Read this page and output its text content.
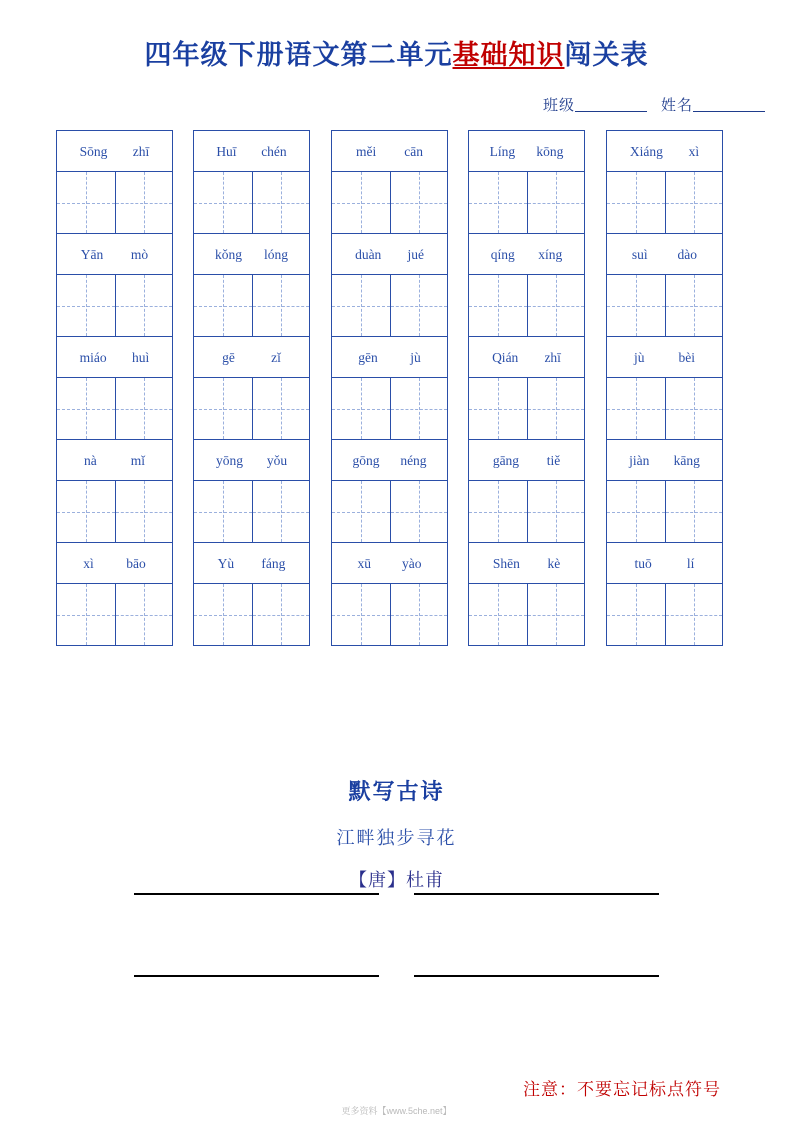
四年级下册语文第二单元基础知识闯关表
班级	姓名
Sōng zhī
Yān mò
miáo huì
nà	mǐ
xì bāo
Huī chén
kǒng lóng
gē	zǐ
yōng yǒu
Yù fáng
měi cān
duàn jué
gēn jù
gōng néng
xū yào
Líng kōng
qíng xíng
Qián zhī
gāng tiě
Shēn kè
Xiáng xì
suì dào
jù	bèi
jiàn kāng
tuō	lí
默写古诗
江畔独步寻花
【唐】杜甫
注意：不要忘记标点符号
更多资料【www.5che.net】
